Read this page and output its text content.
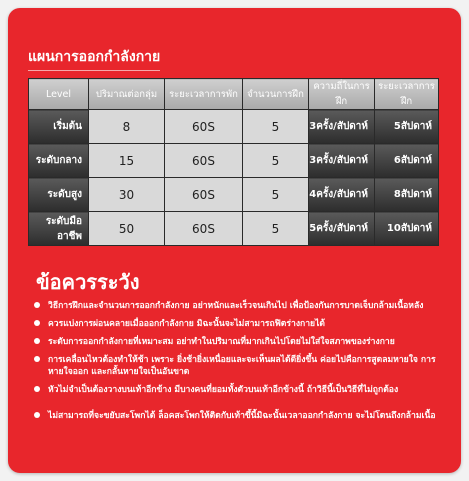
แผนการออกกำลังกาย
Level	ปริมาณต่อกลุ่ม	ระยะเวลาการพัก	จำนวนการฝึก	ความถี่ในการฝึก	ระยะเวลาการฝึก
เริ่มต้น	8	60S	5	3ครั้ง/สัปดาห์	5สัปดาห์
ระดับกลาง	15	60S	5	3ครั้ง/สัปดาห์	6สัปดาห์
ระดับสูง	30	60S	5	4ครั้ง/สัปดาห์	8สัปดาห์
ระดับมืออาชีพ	50	60S	5	5ครั้ง/สัปดาห์	10สัปดาห์
ข้อควรระวัง
วิธีการฝึกและจำนวนการออกกำลังกาย อย่าหนักและเร็วจนเกินไป เพื่อป้องกันการบาดเจ็บกล้ามเนื้อหลัง
ควรแบ่งการผ่อนคลายเมื่อออกกำลังกาย มิฉะนั้นจะไม่สามารถฟิตร่างกายได้
ระดับการออกกำลังกายที่เหมาะสม อย่าทำในปริมาณที่มากเกินไปโดยไม่ใส่ใจสภาพของร่างกาย
การเคลื่อนไหวต้องทำให้ช้า เพราะ ยิ่งช้ายิ่งเหนื่อยและจะเห็นผลได้ดียิ่งขึ้น ค่อยไปคือการสูดลมหายใจ การหายใจออก และกลั้นหายใจเป็นอันขาด
หัวไม่จำเป็นต้องวางบนเท้าอีกข้าง มีบางคนที่ยอมทั้งตัวบนเท้าอีกข้างนี้ ถ้าวิธีนี้เป็นวิธีที่ไม่ถูกต้อง
ไม่สามารถที่จะขยับสะโพกได้ ล็อคสะโพกให้ติดกับเท้าขึ้นี้มิฉะนั้นเวลาออกกำลังกาย จะไม่โดนถึงกล้ามเนื้อ
